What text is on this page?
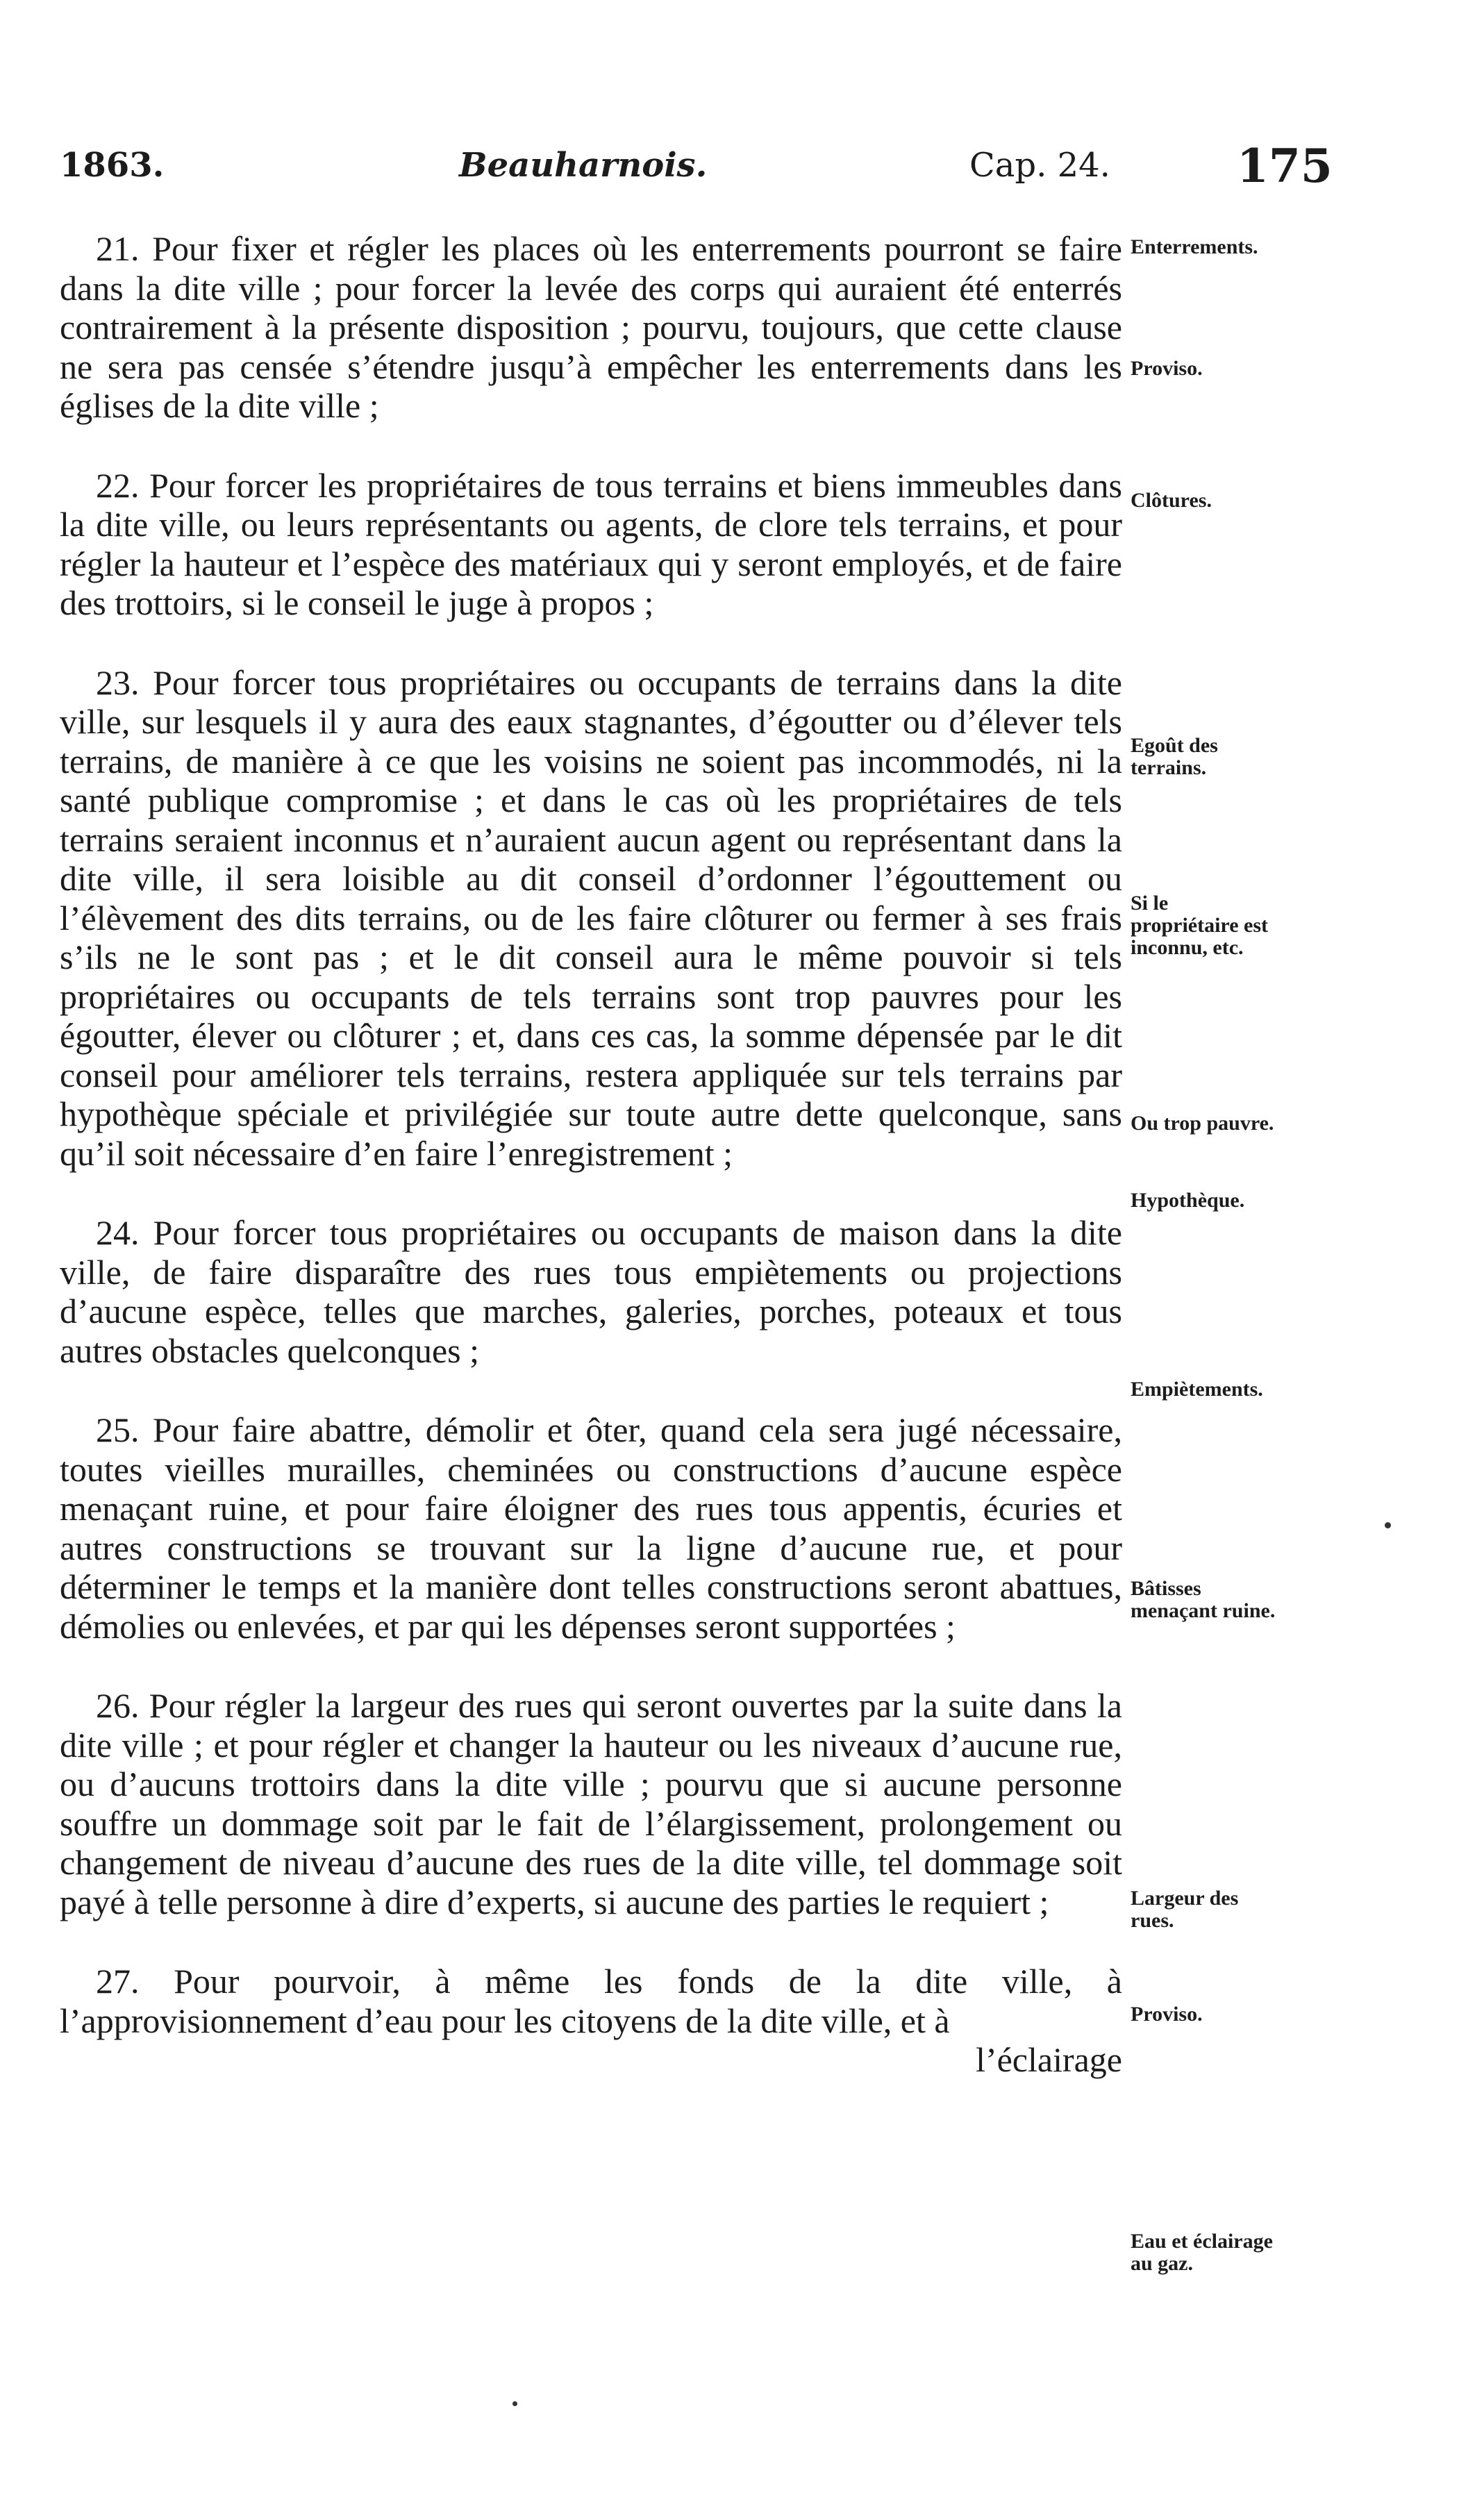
1863.	Beauharnois.	Cap. 24.	175

21. Pour fixer et régler les places où les enterrements pourront se faire dans la dite ville ; pour forcer la levée des corps qui auraient été enterrés contrairement à la présente disposition ; pourvu, toujours, que cette clause ne sera pas censée s’étendre jusqu’à empêcher les enterrements dans les églises de la dite ville ;

22. Pour forcer les propriétaires de tous terrains et biens immeubles dans la dite ville, ou leurs représentants ou agents, de clore tels terrains, et pour régler la hauteur et l’espèce des matériaux qui y seront employés, et de faire des trottoirs, si le conseil le juge à propos ;

23. Pour forcer tous propriétaires ou occupants de terrains dans la dite ville, sur lesquels il y aura des eaux stagnantes, d’égoutter ou d’élever tels terrains, de manière à ce que les voisins ne soient pas incommodés, ni la santé publique compromise ; et dans le cas où les propriétaires de tels terrains seraient inconnus et n’auraient aucun agent ou représentant dans la dite ville, il sera loisible au dit conseil d’ordonner l’égouttement ou l’élèvement des dits terrains, ou de les faire clôturer ou fermer à ses frais s’ils ne le sont pas ; et le dit conseil aura le même pouvoir si tels propriétaires ou occupants de tels terrains sont trop pauvres pour les égoutter, élever ou clôturer ; et, dans ces cas, la somme dépensée par le dit conseil pour améliorer tels terrains, restera appliquée sur tels terrains par hypothèque spéciale et privilégiée sur toute autre dette quelconque, sans qu’il soit nécessaire d’en faire l’enregistrement ;

24. Pour forcer tous propriétaires ou occupants de maison dans la dite ville, de faire disparaître des rues tous empiètements ou projections d’aucune espèce, telles que marches, galeries, porches, poteaux et tous autres obstacles quelconques ;

25. Pour faire abattre, démolir et ôter, quand cela sera jugé nécessaire, toutes vieilles murailles, cheminées ou constructions d’aucune espèce menaçant ruine, et pour faire éloigner des rues tous appentis, écuries et autres constructions se trouvant sur la ligne d’aucune rue, et pour déterminer le temps et la manière dont telles constructions seront abattues, démolies ou enlevées, et par qui les dépenses seront supportées ;

26. Pour régler la largeur des rues qui seront ouvertes par la suite dans la dite ville ; et pour régler et changer la hauteur ou les niveaux d’aucune rue, ou d’aucuns trottoirs dans la dite ville ; pourvu que si aucune personne souffre un dommage soit par le fait de l’élargissement, prolongement ou changement de niveau d’aucune des rues de la dite ville, tel dommage soit payé à telle personne à dire d’experts, si aucune des parties le requiert ;

27. Pour pourvoir, à même les fonds de la dite ville, à l’approvisionnement d’eau pour les citoyens de la dite ville, et à

l’éclairage
Enterrements.
Proviso.
Clôtures.
Egoût des terrains.
Si le propriétaire est inconnu, etc.
Ou trop pauvre.
Hypothèque.
Empiètements.
Bâtisses menaçant ruine.
Largeur des rues.
Proviso.
Eau et éclairage au gaz.
